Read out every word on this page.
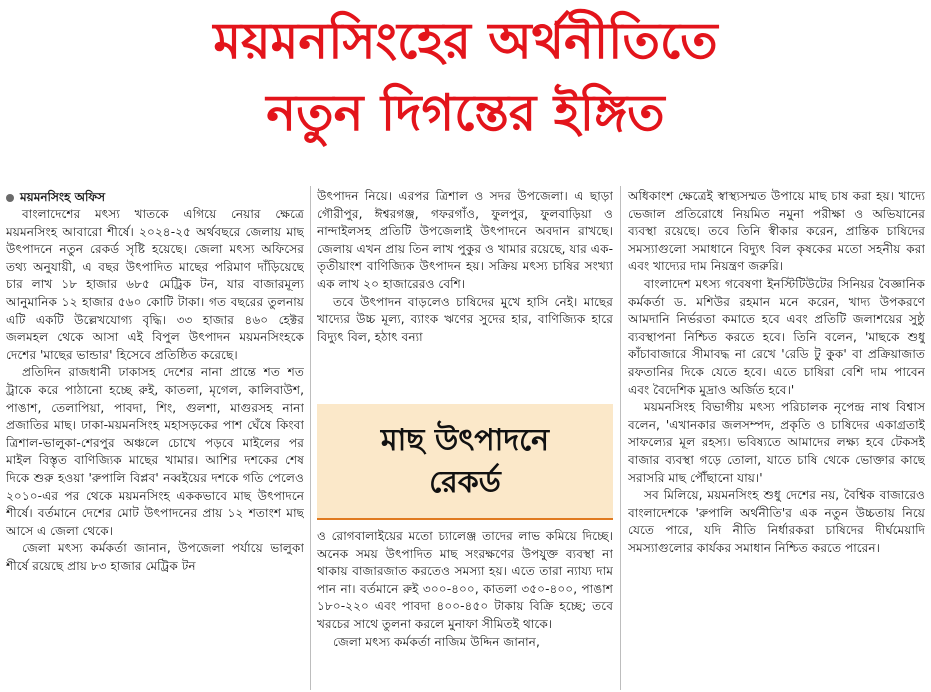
ময়মনসিংহের অর্থনীতিতে
নতুন দিগন্তের ইঙ্গিত
ময়মনসিংহ অফিস

বাংলাদেশের মৎস্য খাতকে এগিয়ে নেয়ার ক্ষেত্রে ময়মনসিংহ আবারো শীর্ষে। ২০২৪-২৫ অর্থবছরে জেলায় মাছ উৎপাদনে নতুন রেকর্ড সৃষ্টি হয়েছে। জেলা মৎস্য অফিসের তথ্য অনুযায়ী, এ বছর উৎপাদিত মাছের পরিমাণ দাঁড়িয়েছে চার লাখ ১৮ হাজার ৬৮৫ মেট্রিক টন, যার বাজারমূল্য আনুমানিক ১২ হাজার ৫৬০ কোটি টাকা। গত বছরের তুলনায় এটি একটি উল্লেখযোগ্য বৃদ্ধি। ৩৩ হাজার ৪৬০ হেক্টর জলমহল থেকে আসা এই বিপুল উৎপাদন ময়মনসিংহকে দেশের 'মাছের ভান্ডার' হিসেবে প্রতিষ্ঠিত করেছে।

প্রতিদিন রাজধানী ঢাকাসহ দেশের নানা প্রান্তে শত শত ট্রাকে করে পাঠানো হচ্ছে রুই, কাতলা, মৃগেল, কালিবাউশ, পাঙাশ, তেলাপিয়া, পাবদা, শিং, গুলশা, মাগুরসহ নানা প্রজাতির মাছ। ঢাকা-ময়মনসিংহ মহাসড়কের পাশ ঘেঁষে কিংবা ত্রিশাল-ভালুকা-শেরপুর অঞ্চলে চোখে পড়বে মাইলের পর মাইল বিস্তৃত বাণিজ্যিক মাছের খামার। আশির দশকের শেষ দিকে শুরু হওয়া 'রুপালি বিপ্লব' নব্বইয়ের দশকে গতি পেলেও ২০১০-এর পর থেকে ময়মনসিংহ এককভাবে মাছ উৎপাদনে শীর্ষে। বর্তমানে দেশের মোট উৎপাদনের প্রায় ১২ শতাংশ মাছ আসে এ জেলা থেকে।

জেলা মৎস্য কর্মকর্তা জানান, উপজেলা পর্যায়ে ভালুকা শীর্ষে রয়েছে প্রায় ৮৩ হাজার মেট্রিক টন

উৎপাদন নিয়ে। এরপর ত্রিশাল ও সদর উপজেলা। এ ছাড়া গৌরীপুর, ঈশ্বরগঞ্জ, গফরগাঁও, ফুলপুর, ফুলবাড়িয়া ও নান্দাইলসহ প্রতিটি উপজেলাই উৎপাদনে অবদান রাখছে। জেলায় এখন প্রায় তিন লাখ পুকুর ও খামার রয়েছে, যার এক-তৃতীয়াংশ বাণিজ্যিক উৎপাদন হয়। সক্রিয় মৎস্য চাষির সংখ্যা এক লাখ ২০ হাজারেরও বেশি।

তবে উৎপাদন বাড়লেও চাষিদের মুখে হাসি নেই। মাছের খাদ্যের উচ্চ মূল্য, ব্যাংক ঋণের সুদের হার, বাণিজ্যিক হারে বিদ্যুৎ বিল, হঠাৎ বন্যা

মাছ উৎপাদনে
রেকর্ড

ও রোগবালাইয়ের মতো চ্যালেঞ্জ তাদের লাভ কমিয়ে দিচ্ছে। অনেক সময় উৎপাদিত মাছ সংরক্ষণের উপযুক্ত ব্যবস্থা না থাকায় বাজারজাত করতেও সমস্যা হয়। এতে তারা ন্যায্য দাম পান না। বর্তমানে রুই ৩০০-৪০০, কাতলা ৩৫০-৪০০, পাঙাশ ১৮০-২২০ এবং পাবদা ৪০০-৪৫০ টাকায় বিক্রি হচ্ছে; তবে খরচের সাথে তুলনা করলে মুনাফা সীমিতই থাকে।

জেলা মৎস্য কর্মকর্তা নাজিম উদ্দিন জানান,

অধিকাংশ ক্ষেত্রেই স্বাস্থ্যসম্মত উপায়ে মাছ চাষ করা হয়। খাদ্যে ভেজাল প্রতিরোধে নিয়মিত নমুনা পরীক্ষা ও অভিযানের ব্যবস্থা রয়েছে। তবে তিনি স্বীকার করেন, প্রান্তিক চাষিদের সমস্যাগুলো সমাধানে বিদ্যুৎ বিল কৃষকের মতো সহনীয় করা এবং খাদ্যের দাম নিয়ন্ত্রণ জরুরি।

বাংলাদেশ মৎস্য গবেষণা ইনস্টিটিউটের সিনিয়র বৈজ্ঞানিক কর্মকর্তা ড. মশিউর রহমান মনে করেন, খাদ্য উপকরণে আমদানি নির্ভরতা কমাতে হবে এবং প্রতিটি জলাশয়ের সুষ্ঠু ব্যবস্থাপনা নিশ্চিত করতে হবে। তিনি বলেন, 'মাছকে শুধু কাঁচাবাজারে সীমাবদ্ধ না রেখে 'রেডি টু কুক' বা প্রক্রিয়াজাত রফতানির দিকে যেতে হবে। এতে চাষিরা বেশি দাম পাবেন এবং বৈদেশিক মুদ্রাও অর্জিত হবে।'

ময়মনসিংহ বিভাগীয় মৎস্য পরিচালক নৃপেন্দ্র নাথ বিশ্বাস বলেন, 'এখানকার জলসম্পদ, প্রকৃতি ও চাষিদের একাগ্রতাই সাফল্যের মূল রহস্য। ভবিষ্যতে আমাদের লক্ষ্য হবে টেকসই বাজার ব্যবস্থা গড়ে তোলা, যাতে চাষি থেকে ভোক্তার কাছে সরাসরি মাছ পৌঁছানো যায়।'

সব মিলিয়ে, ময়মনসিংহ শুধু দেশের নয়, বৈশ্বিক বাজারেও বাংলাদেশকে 'রুপালি অর্থনীতি'র এক নতুন উচ্চতায় নিয়ে যেতে পারে, যদি নীতি নির্ধারকরা চাষিদের দীর্ঘমেয়াদি সমস্যাগুলোর কার্যকর সমাধান নিশ্চিত করতে পারেন।
